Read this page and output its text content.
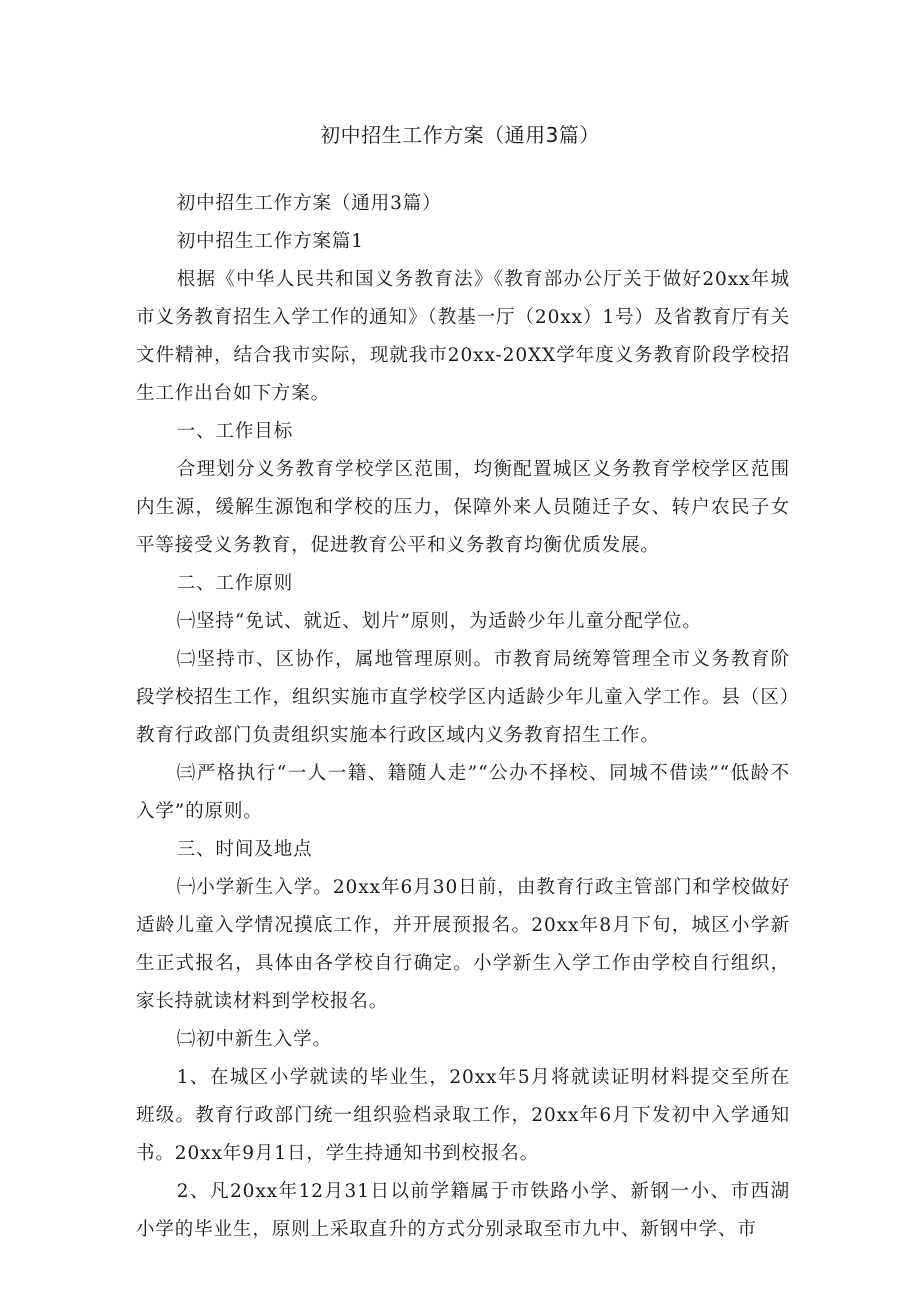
初中招生工作方案（通用3篇）

初中招生工作方案（通用3篇）

初中招生工作方案篇1

根据《中华人民共和国义务教育法》《教育部办公厅关于做好20xx年城市义务教育招生入学工作的通知》（教基一厅（20xx）1号）及省教育厅有关文件精神，结合我市实际，现就我市20xx-20XX学年度义务教育阶段学校招生工作出台如下方案。

一、工作目标

合理划分义务教育学校学区范围，均衡配置城区义务教育学校学区范围内生源，缓解生源饱和学校的压力，保障外来人员随迁子女、转户农民子女平等接受义务教育，促进教育公平和义务教育均衡优质发展。

二、工作原则

㈠坚持“免试、就近、划片”原则，为适龄少年儿童分配学位。

㈡坚持市、区协作，属地管理原则。市教育局统筹管理全市义务教育阶段学校招生工作，组织实施市直学校学区内适龄少年儿童入学工作。县（区）教育行政部门负责组织实施本行政区域内义务教育招生工作。

㈢严格执行“一人一籍、籍随人走”“公办不择校、同城不借读”“低龄不入学”的原则。

三、时间及地点

㈠小学新生入学。20xx年6月30日前，由教育行政主管部门和学校做好适龄儿童入学情况摸底工作，并开展预报名。20xx年8月下旬，城区小学新生正式报名，具体由各学校自行确定。小学新生入学工作由学校自行组织，家长持就读材料到学校报名。

㈡初中新生入学。

1、在城区小学就读的毕业生，20xx年5月将就读证明材料提交至所在班级。教育行政部门统一组织验档录取工作，20xx年6月下发初中入学通知书。20xx年9月1日，学生持通知书到校报名。

2、凡20xx年12月31日以前学籍属于市铁路小学、新钢一小、市西湖小学的毕业生，原则上采取直升的方式分别录取至市九中、新钢中学、市
